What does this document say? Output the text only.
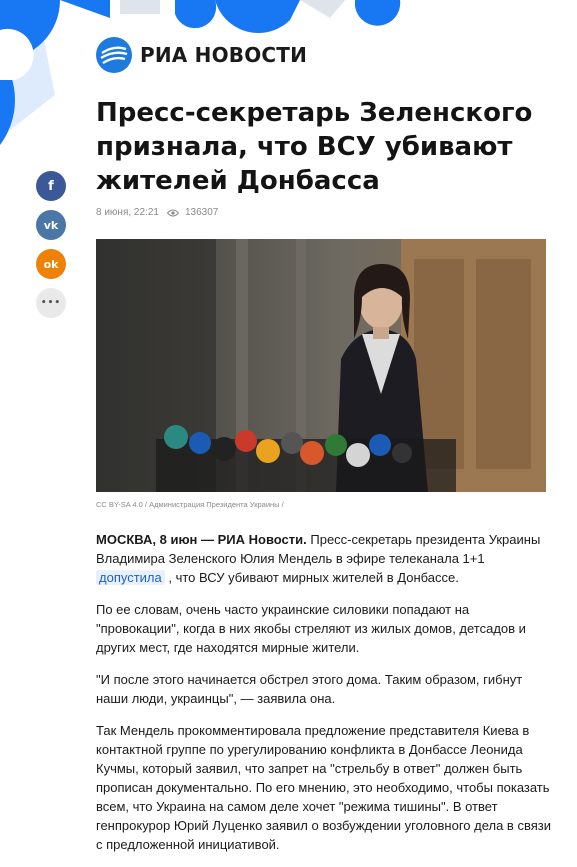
РИА НОВОСТИ
Пресс-секретарь Зеленского признала, что ВСУ убивают жителей Донбасса
f
vk
ok
•••
8 июня, 22:21	136307
CC BY-SA 4.0 / Администрация Президента Украины /

МОСКВА, 8 июн — РИА Новости. Пресс-секретарь президента Украины Владимира Зеленского Юлия Мендель в эфире телеканала 1+1 допустила , что ВСУ убивают мирных жителей в Донбассе.

По ее словам, очень часто украинские силовики попадают на "провокации", когда в них якобы стреляют из жилых домов, детсадов и других мест, где находятся мирные жители.

"И после этого начинается обстрел этого дома. Таким образом, гибнут наши люди, украинцы", — заявила она.

Так Мендель прокомментировала предложение представителя Киева в контактной группе по урегулированию конфликта в Донбассе Леонида Кучмы, который заявил, что запрет на "стрельбу в ответ" должен быть прописан документально. По его мнению, это необходимо, чтобы показать всем, что Украина на самом деле хочет "режима тишины". В ответ генпрокурор Юрий Луценко заявил о возбуждении уголовного дела в связи с предложенной инициативой.
